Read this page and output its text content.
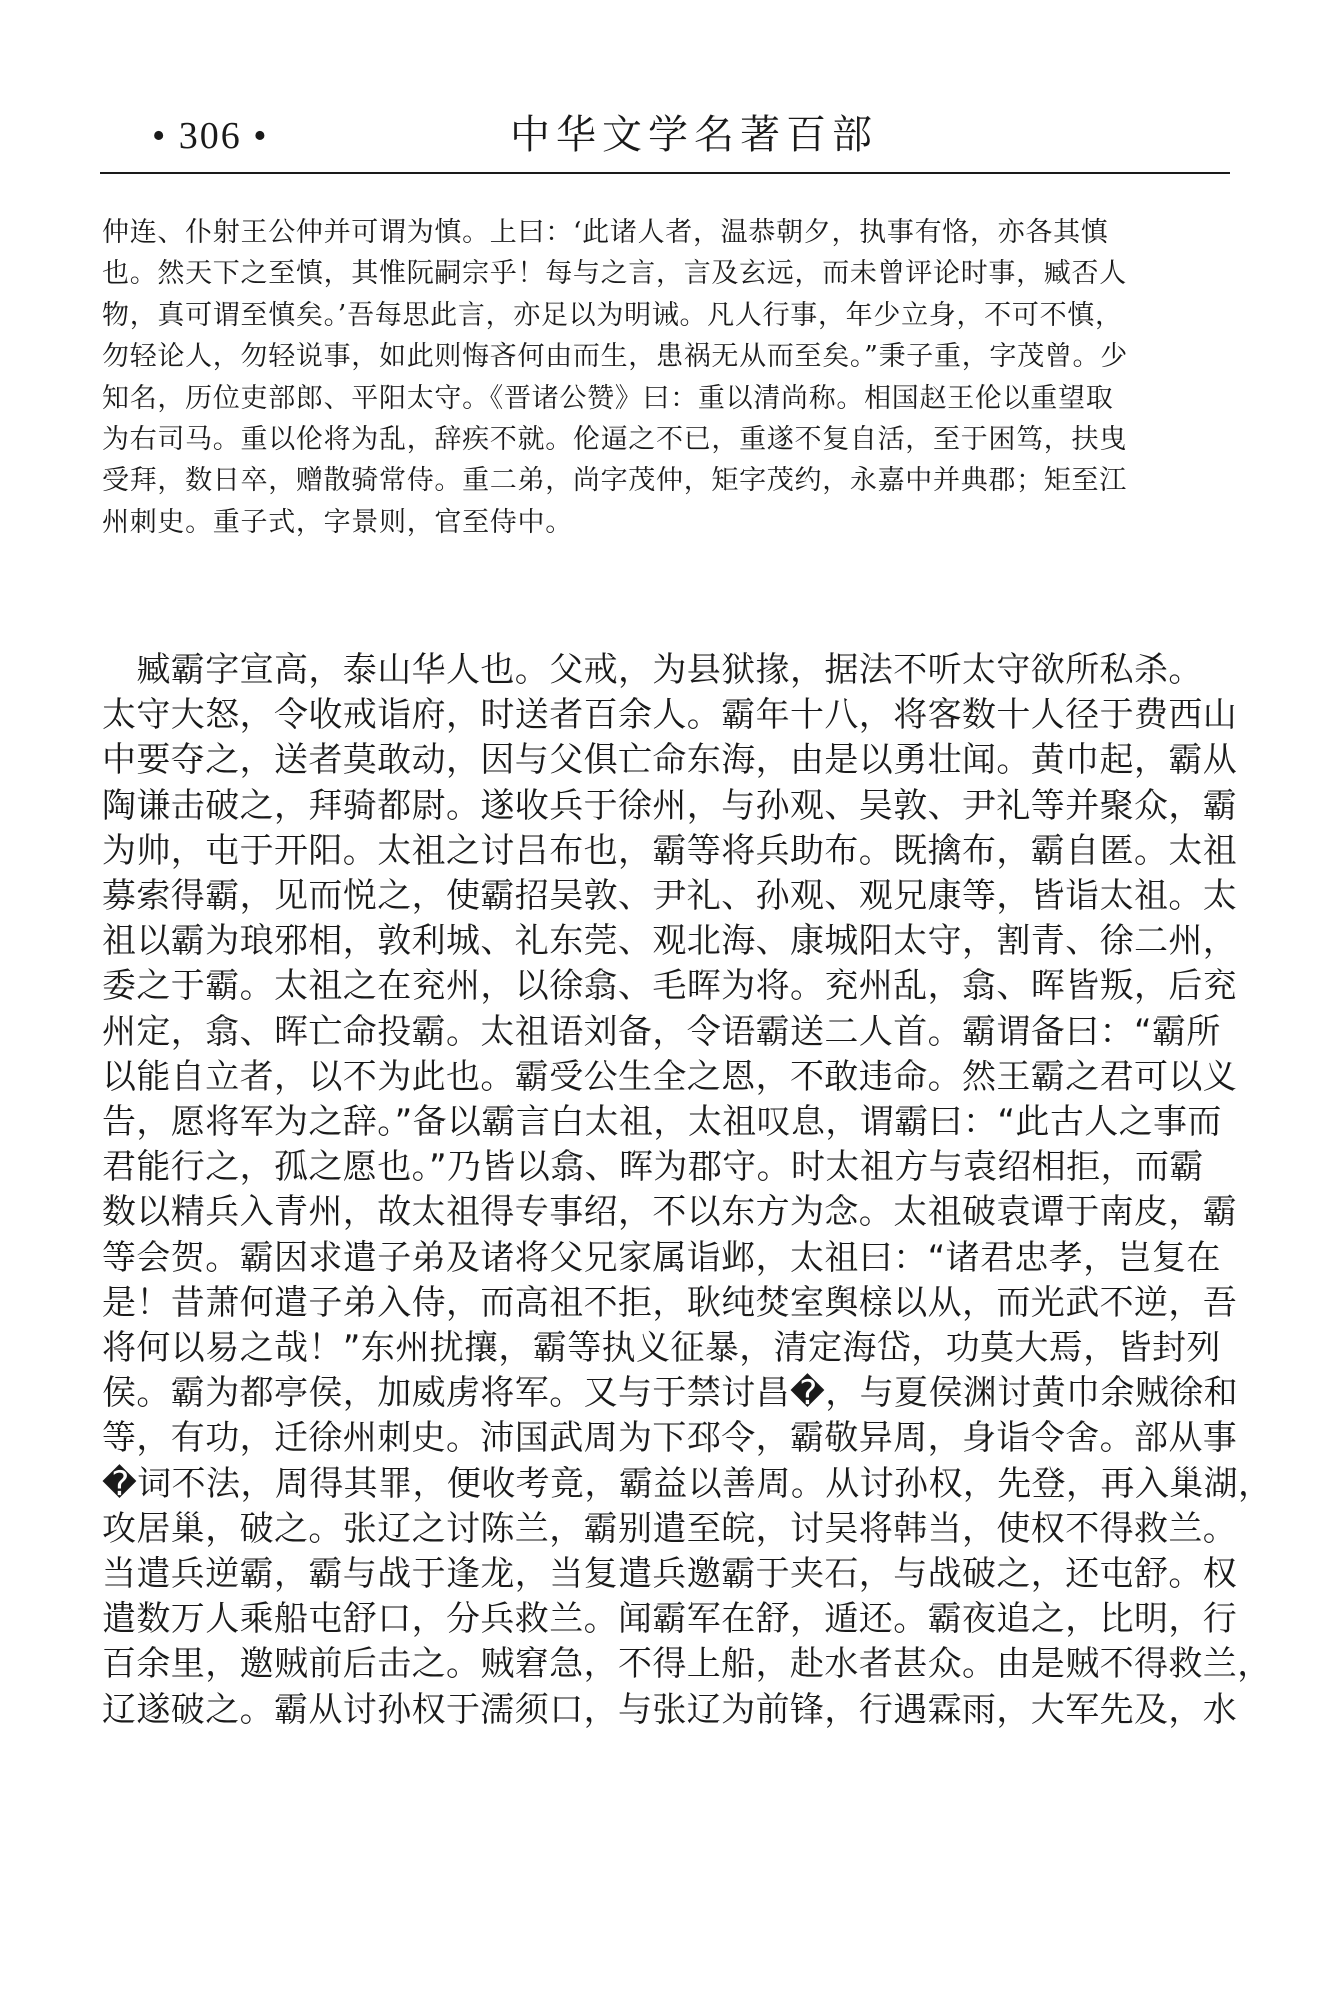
• 306 •	中华文学名著百部
仲连、仆射王公仲并可谓为慎。上曰：‘此诸人者，温恭朝夕，执事有恪，亦各其慎
也。然天下之至慎，其惟阮嗣宗乎！每与之言，言及玄远，而未曾评论时事，臧否人
物，真可谓至慎矣。’吾每思此言，亦足以为明诫。凡人行事，年少立身，不可不慎，
勿轻论人，勿轻说事，如此则悔吝何由而生，患祸无从而至矣。”秉子重，字茂曾。少
知名，历位吏部郎、平阳太守。《晋诸公赞》曰：重以清尚称。相国赵王伦以重望取
为右司马。重以伦将为乱，辞疾不就。伦逼之不已，重遂不复自活，至于困笃，扶曳
受拜，数日卒，赠散骑常侍。重二弟，尚字茂仲，矩字茂约，永嘉中并典郡；矩至江
州刺史。重子式，字景则，官至侍中。
　臧霸字宣高，泰山华人也。父戒，为县狱掾，据法不听太守欲所私杀。
太守大怒，令收戒诣府，时送者百余人。霸年十八，将客数十人径于费西山
中要夺之，送者莫敢动，因与父俱亡命东海，由是以勇壮闻。黄巾起，霸从
陶谦击破之，拜骑都尉。遂收兵于徐州，与孙观、吴敦、尹礼等并聚众，霸
为帅，屯于开阳。太祖之讨吕布也，霸等将兵助布。既擒布，霸自匿。太祖
募索得霸，见而悦之，使霸招吴敦、尹礼、孙观、观兄康等，皆诣太祖。太
祖以霸为琅邪相，敦利城、礼东莞、观北海、康城阳太守，割青、徐二州，
委之于霸。太祖之在兖州，以徐翕、毛晖为将。兖州乱，翕、晖皆叛，后兖
州定，翕、晖亡命投霸。太祖语刘备，令语霸送二人首。霸谓备曰：“霸所
以能自立者，以不为此也。霸受公生全之恩，不敢违命。然王霸之君可以义
告，愿将军为之辞。”备以霸言白太祖，太祖叹息，谓霸曰：“此古人之事而
君能行之，孤之愿也。”乃皆以翕、晖为郡守。时太祖方与袁绍相拒，而霸
数以精兵入青州，故太祖得专事绍，不以东方为念。太祖破袁谭于南皮，霸
等会贺。霸因求遣子弟及诸将父兄家属诣邺，太祖曰：“诸君忠孝，岂复在
是！昔萧何遣子弟入侍，而高祖不拒，耿纯焚室舆榇以从，而光武不逆，吾
将何以易之哉！”东州扰攘，霸等执义征暴，清定海岱，功莫大焉，皆封列
侯。霸为都亭侯，加威虏将军。又与于禁讨昌�，与夏侯渊讨黄巾余贼徐和
等，有功，迁徐州刺史。沛国武周为下邳令，霸敬异周，身诣令舍。部从事
�词不法，周得其罪，便收考竟，霸益以善周。从讨孙权，先登，再入巢湖，
攻居巢，破之。张辽之讨陈兰，霸别遣至皖，讨吴将韩当，使权不得救兰。
当遣兵逆霸，霸与战于逢龙，当复遣兵邀霸于夹石，与战破之，还屯舒。权
遣数万人乘船屯舒口，分兵救兰。闻霸军在舒，遁还。霸夜追之，比明，行
百余里，邀贼前后击之。贼窘急，不得上船，赴水者甚众。由是贼不得救兰，
辽遂破之。霸从讨孙权于濡须口，与张辽为前锋，行遇霖雨，大军先及，水
